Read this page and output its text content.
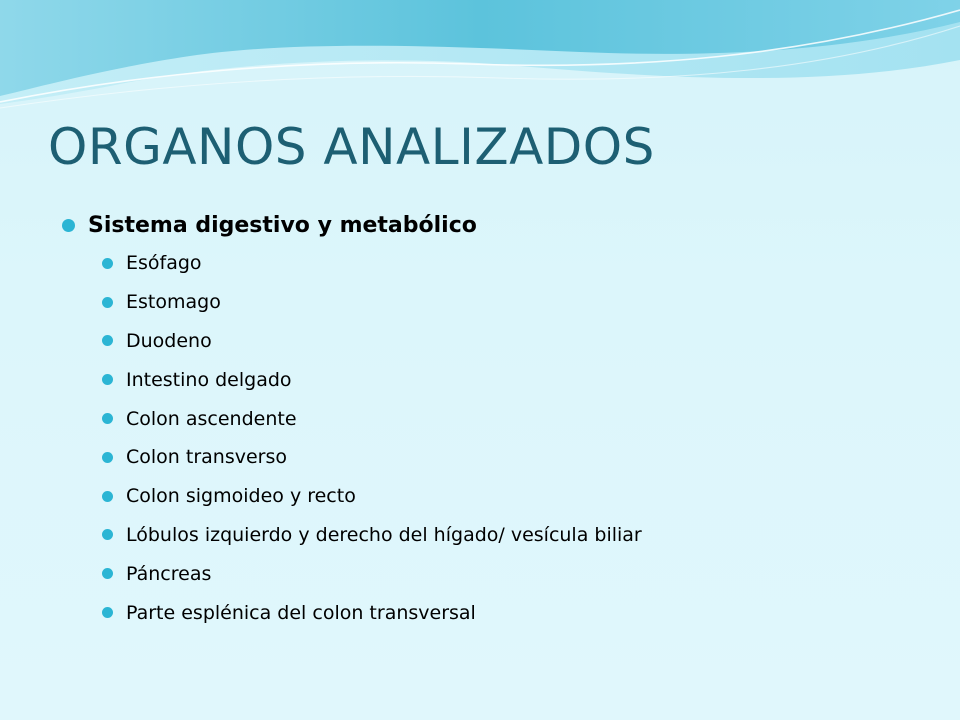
ORGANOS ANALIZADOS
Sistema digestivo y metabólico
Esófago
Estomago
Duodeno
Intestino delgado
Colon ascendente
Colon transverso
Colon sigmoideo y recto
Lóbulos izquierdo y derecho del hígado/ vesícula biliar
Páncreas
Parte esplénica del colon transversal
